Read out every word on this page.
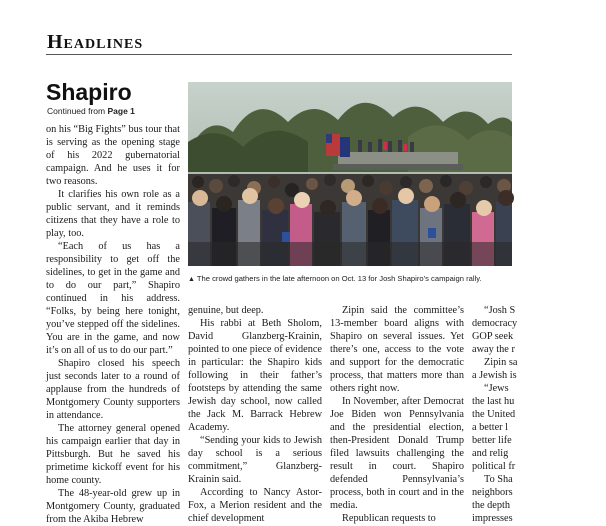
Headlines
Shapiro
Continued from Page 1

on his “Big Fights” bus tour that is serving as the opening stage of his 2022 gubernatorial campaign. And he uses it for two reasons.

It clarifies his own role as a public servant, and it reminds citizens that they have a role to play, too.

“Each of us has a responsibility to get off the sidelines, to get in the game and to do our part,” Shapiro continued in his address. “Folks, by being here tonight, you’ve stepped off the sidelines. You are in the game, and now it’s on all of us to do our part.”

Shapiro closed his speech just seconds later to a round of applause from the hundreds of Montgomery County supporters in attendance.

The attorney general opened his campaign earlier that day in Pittsburgh. But he saved his primetime kickoff event for his home county.

The 48-year-old grew up in Montgomery County, graduated from the Akiba Hebrew

▲ The crowd gathers in the late afternoon on Oct. 13 for Josh Shapiro’s campaign rally.

genuine, but deep.

His rabbi at Beth Sholom, David Glanzberg-Krainin, pointed to one piece of evidence in particular: the Shapiro kids following in their father’s footsteps by attending the same Jewish day school, now called the Jack M. Barrack Hebrew Academy.

“Sending your kids to Jewish day school is a serious commitment,” Glanzberg-Krainin said.

According to Nancy Astor-Fox, a Merion resident and the chief development

Zipin said the committee’s 13-member board aligns with Shapiro on several issues. Yet there’s one, access to the vote and support for the democratic process, that matters more than others right now.

In November, after Democrat Joe Biden won Pennsylvania and the presidential election, then-President Donald Trump filed lawsuits challenging the result in court. Shapiro defended Pennsylvania’s process, both in court and in the media.

Republican requests to

“Josh S
democracy
GOP seek
away the r
Zipin sa
a Jewish is
“Jews
the last hu
the United
a better l
better life
and relig
political fr
To Sha
neighbors
the depth
impresses
